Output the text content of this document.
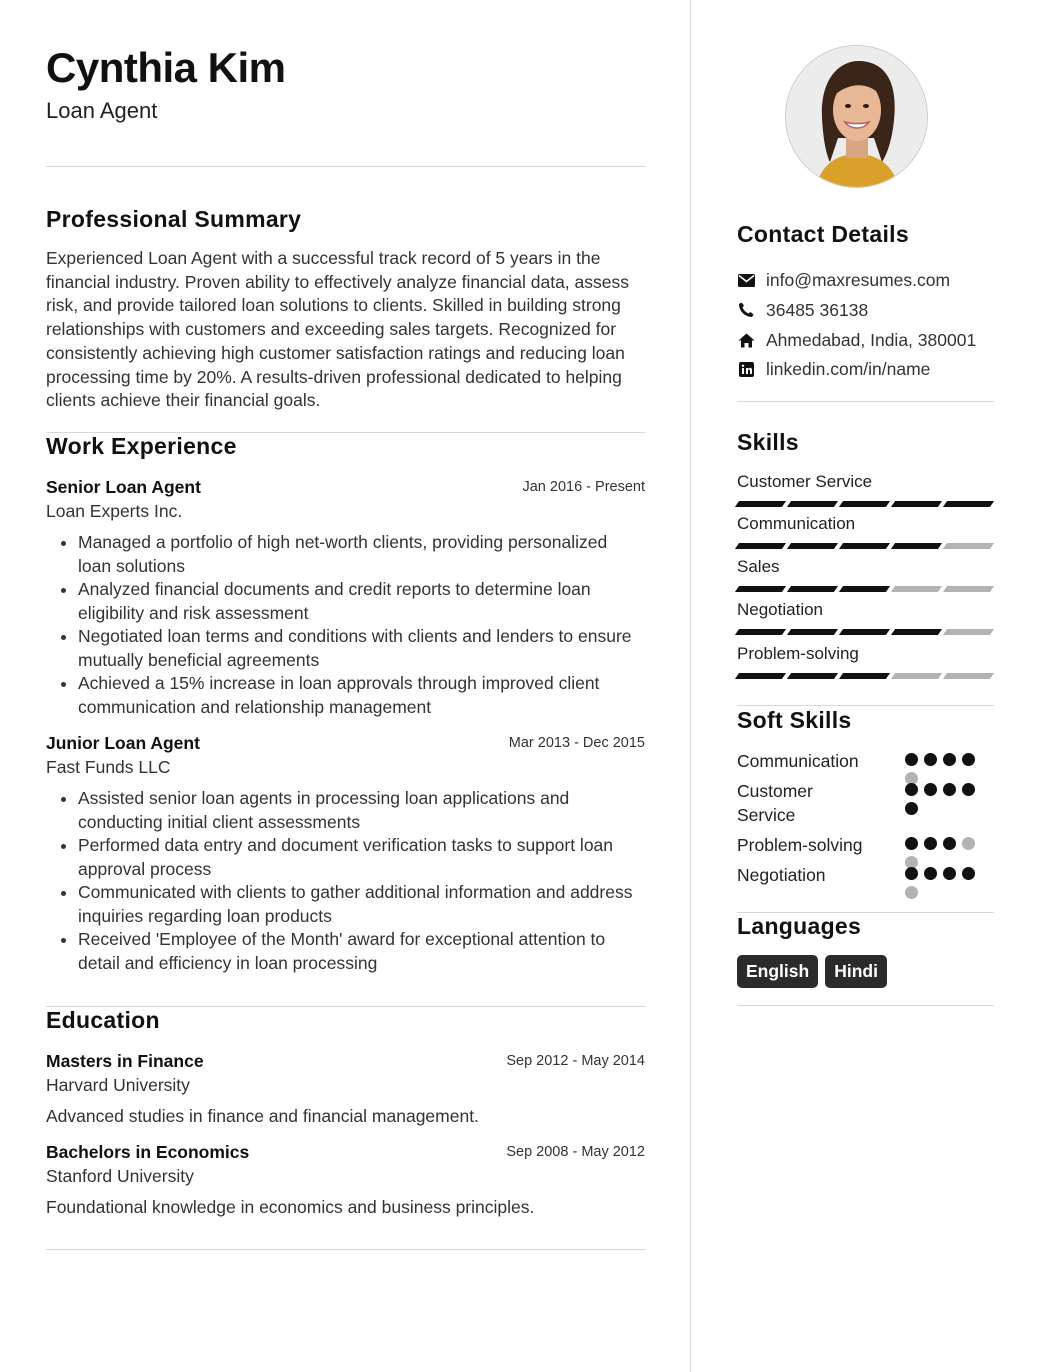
Cynthia Kim
Loan Agent
Professional Summary
Experienced Loan Agent with a successful track record of 5 years in the financial industry. Proven ability to effectively analyze financial data, assess risk, and provide tailored loan solutions to clients. Skilled in building strong relationships with customers and exceeding sales targets. Recognized for consistently achieving high customer satisfaction ratings and reducing loan processing time by 20%. A results-driven professional dedicated to helping clients achieve their financial goals.
Work Experience
Senior Loan Agent	Jan 2016 - Present
Loan Experts Inc.
• Managed a portfolio of high net-worth clients, providing personalized loan solutions
• Analyzed financial documents and credit reports to determine loan eligibility and risk assessment
• Negotiated loan terms and conditions with clients and lenders to ensure mutually beneficial agreements
• Achieved a 15% increase in loan approvals through improved client communication and relationship management
Junior Loan Agent	Mar 2013 - Dec 2015
Fast Funds LLC
• Assisted senior loan agents in processing loan applications and conducting initial client assessments
• Performed data entry and document verification tasks to support loan approval process
• Communicated with clients to gather additional information and address inquiries regarding loan products
• Received 'Employee of the Month' award for exceptional attention to detail and efficiency in loan processing
Education
Masters in Finance	Sep 2012 - May 2014
Harvard University
Advanced studies in finance and financial management.
Bachelors in Economics	Sep 2008 - May 2012
Stanford University
Foundational knowledge in economics and business principles.
Contact Details
info@maxresumes.com
36485 36138
Ahmedabad, India, 380001
linkedin.com/in/name
Skills
Customer Service
Communication
Sales
Negotiation
Problem-solving
Soft Skills
Communication
Customer Service
Problem-solving
Negotiation
Languages
English	Hindi
